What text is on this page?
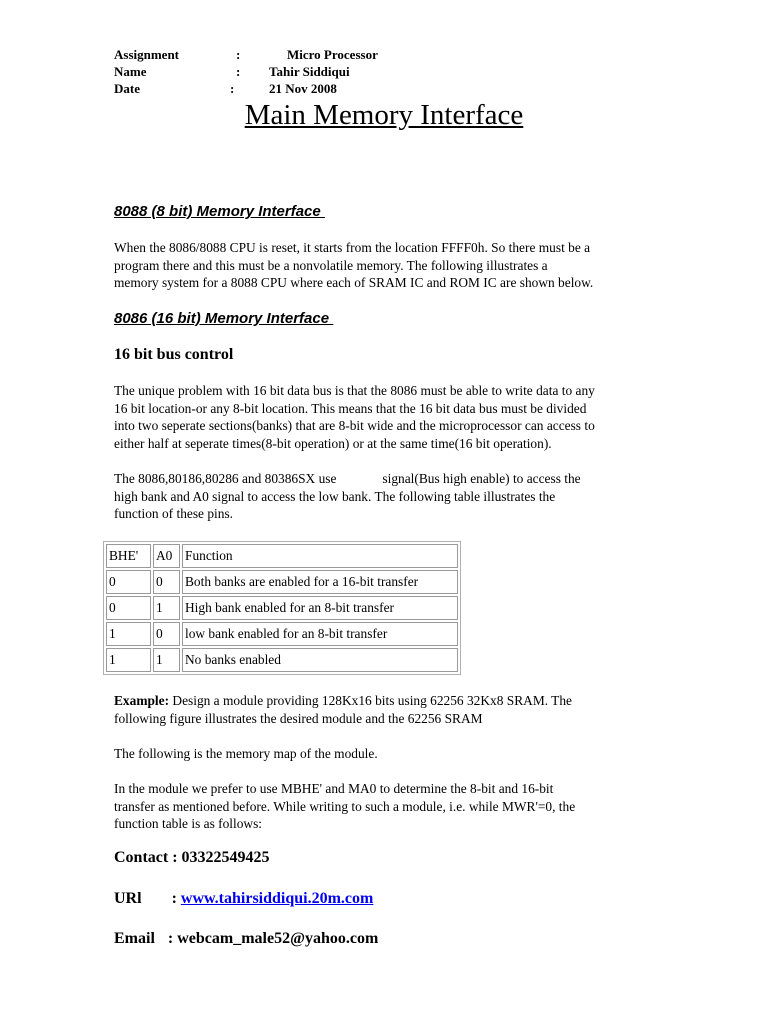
Assignment	:	Micro Processor
Name	: Tahir Siddiqui
Date	:	21 Nov 2008
Main Memory Interface
8088 (8 bit) Memory Interface
When the 8086/8088 CPU is reset, it starts from the location FFFF0h. So there must be a
program there and this must be a nonvolatile memory. The following illustrates a
memory system for a 8088 CPU where each of SRAM IC and ROM IC are shown below.
8086 (16 bit) Memory Interface
16 bit bus control
The unique problem with 16 bit data bus is that the 8086 must be able to write data to any
16 bit location-or any 8-bit location. This means that the 16 bit data bus must be divided
into two seperate sections(banks) that are 8-bit wide and the microprocessor can access to
either half at seperate times(8-bit operation) or at the same time(16 bit operation).
The 8086,80186,80286 and 80386SX use	signal(Bus high enable) to access the
high bank and A0 signal to access the low bank. The following table illustrates the
function of these pins.
BHE'	A0	Function
0	0	Both banks are enabled for a 16-bit transfer
0	1	High bank enabled for an 8-bit transfer
1	0	low bank enabled for an 8-bit transfer
1	1	No banks enabled
Example: Design a module providing 128Kx16 bits using 62256 32Kx8 SRAM. The
following figure illustrates the desired module and the 62256 SRAM
The following is the memory map of the module.
In the module we prefer to use MBHE' and MA0 to determine the 8-bit and 16-bit
transfer as mentioned before. While writing to such a module, i.e. while MWR'=0, the
function table is as follows:
Contact : 03322549425
URl : www.tahirsiddiqui.20m.com
Email : webcam_male52@yahoo.com
